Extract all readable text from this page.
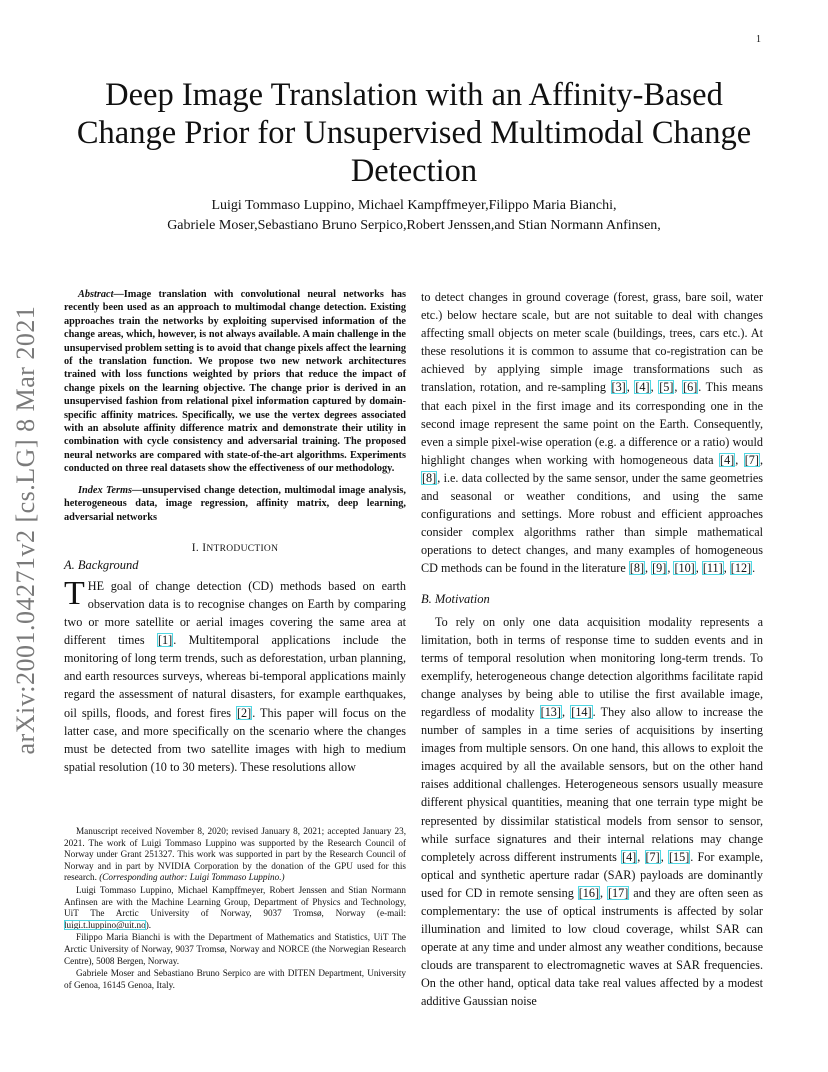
1
arXiv:2001.04271v2 [cs.LG] 8 Mar 2021
Deep Image Translation with an Affinity-Based Change Prior for Unsupervised Multimodal Change Detection
Luigi Tommaso Luppino, Michael Kampffmeyer,Filippo Maria Bianchi,
Gabriele Moser,Sebastiano Bruno Serpico,Robert Jenssen,and Stian Normann Anfinsen,

Abstract—Image translation with convolutional neural networks has recently been used as an approach to multimodal change detection. Existing approaches train the networks by exploiting supervised information of the change areas, which, however, is not always available. A main challenge in the unsupervised problem setting is to avoid that change pixels affect the learning of the translation function. We propose two new network architectures trained with loss functions weighted by priors that reduce the impact of change pixels on the learning objective. The change prior is derived in an unsupervised fashion from relational pixel information captured by domain-specific affinity matrices. Specifically, we use the vertex degrees associated with an absolute affinity difference matrix and demonstrate their utility in combination with cycle consistency and adversarial training. The proposed neural networks are compared with state-of-the-art algorithms. Experiments conducted on three real datasets show the effectiveness of our methodology.

Index Terms—unsupervised change detection, multimodal image analysis, heterogeneous data, image regression, affinity matrix, deep learning, adversarial networks

I. INTRODUCTION
A. Background

THE goal of change detection (CD) methods based on earth observation data is to recognise changes on Earth by comparing two or more satellite or aerial images covering the same area at different times [1]. Multitemporal applications include the monitoring of long term trends, such as deforestation, urban planning, and earth resources surveys, whereas bi-temporal applications mainly regard the assessment of natural disasters, for example earthquakes, oil spills, floods, and forest fires [2]. This paper will focus on the latter case, and more specifically on the scenario where the changes must be detected from two satellite images with high to medium spatial resolution (10 to 30 meters). These resolutions allow

Manuscript received November 8, 2020; revised January 8, 2021; accepted January 23, 2021. The work of Luigi Tommaso Luppino was supported by the Research Council of Norway under Grant 251327. This work was supported in part by the Research Council of Norway and in part by NVIDIA Corporation by the donation of the GPU used for this research. (Corresponding author: Luigi Tommaso Luppino.)

Luigi Tommaso Luppino, Michael Kampffmeyer, Robert Jenssen and Stian Normann Anfinsen are with the Machine Learning Group, Department of Physics and Technology, UiT The Arctic University of Norway, 9037 Tromsø, Norway (e-mail: luigi.t.luppino@uit.no).

Filippo Maria Bianchi is with the Department of Mathematics and Statistics, UiT The Arctic University of Norway, 9037 Tromsø, Norway and NORCE (the Norwegian Research Centre), 5008 Bergen, Norway.

Gabriele Moser and Sebastiano Bruno Serpico are with DITEN Department, University of Genoa, 16145 Genoa, Italy.

to detect changes in ground coverage (forest, grass, bare soil, water etc.) below hectare scale, but are not suitable to deal with changes affecting small objects on meter scale (buildings, trees, cars etc.). At these resolutions it is common to assume that co-registration can be achieved by applying simple image transformations such as translation, rotation, and re-sampling [3], [4], [5], [6]. This means that each pixel in the first image and its corresponding one in the second image represent the same point on the Earth. Consequently, even a simple pixel-wise operation (e.g. a difference or a ratio) would highlight changes when working with homogeneous data [4], [7], [8], i.e. data collected by the same sensor, under the same geometries and seasonal or weather conditions, and using the same configurations and settings. More robust and efficient approaches consider complex algorithms rather than simple mathematical operations to detect changes, and many examples of homogeneous CD methods can be found in the literature [8], [9], [10], [11], [12].

B. Motivation

To rely on only one data acquisition modality represents a limitation, both in terms of response time to sudden events and in terms of temporal resolution when monitoring long-term trends. To exemplify, heterogeneous change detection algorithms facilitate rapid change analyses by being able to utilise the first available image, regardless of modality [13], [14]. They also allow to increase the number of samples in a time series of acquisitions by inserting images from multiple sensors. On one hand, this allows to exploit the images acquired by all the available sensors, but on the other hand raises additional challenges. Heterogeneous sensors usually measure different physical quantities, meaning that one terrain type might be represented by dissimilar statistical models from sensor to sensor, while surface signatures and their internal relations may change completely across different instruments [4], [7], [15]. For example, optical and synthetic aperture radar (SAR) payloads are dominantly used for CD in remote sensing [16], [17] and they are often seen as complementary: the use of optical instruments is affected by solar illumination and limited to low cloud coverage, whilst SAR can operate at any time and under almost any weather conditions, because clouds are transparent to electromagnetic waves at SAR frequencies. On the other hand, optical data take real values affected by a modest additive Gaussian noise
